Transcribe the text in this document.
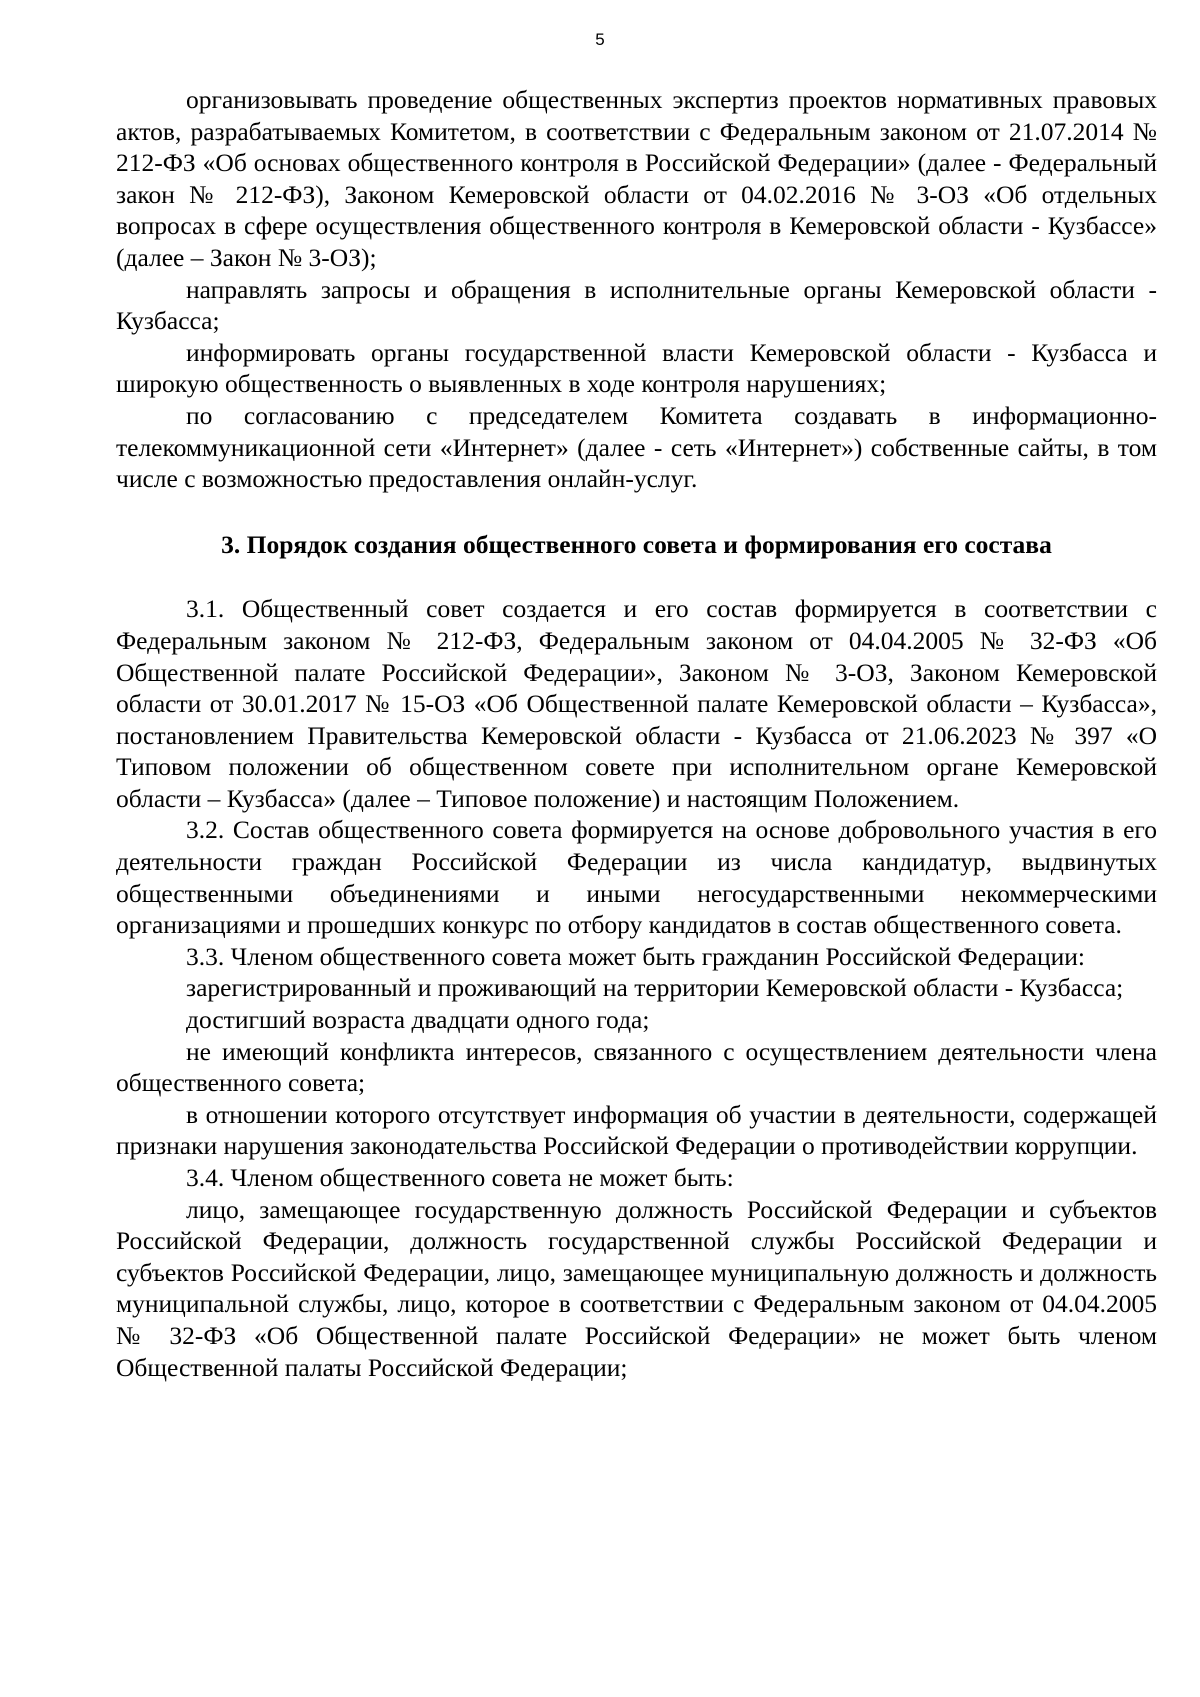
5

организовывать проведение общественных экспертиз проектов нормативных правовых актов, разрабатываемых Комитетом, в соответствии с Федеральным законом от 21.07.2014 № 212-ФЗ «Об основах общественного контроля в Российской Федерации» (далее - Федеральный закон № 212-ФЗ), Законом Кемеровской области от 04.02.2016 № 3-ОЗ «Об отдельных вопросах в сфере осуществления общественного контроля в Кемеровской области - Кузбассе» (далее – Закон № 3-ОЗ);

направлять запросы и обращения в исполнительные органы Кемеровской области - Кузбасса;

информировать органы государственной власти Кемеровской области - Кузбасса и широкую общественность о выявленных в ходе контроля нарушениях;

по согласованию с председателем Комитета создавать в информационно-телекоммуникационной сети «Интернет» (далее - сеть «Интернет») собственные сайты, в том числе с возможностью предоставления онлайн-услуг.

3. Порядок создания общественного совета и формирования его состава

3.1. Общественный совет создается и его состав формируется в соответствии с Федеральным законом № 212-ФЗ, Федеральным законом от 04.04.2005 № 32-ФЗ «Об Общественной палате Российской Федерации», Законом № 3-ОЗ, Законом Кемеровской области от 30.01.2017 № 15-ОЗ «Об Общественной палате Кемеровской области – Кузбасса», постановлением Правительства Кемеровской области - Кузбасса от 21.06.2023 № 397 «О Типовом положении об общественном совете при исполнительном органе Кемеровской области – Кузбасса» (далее – Типовое положение) и настоящим Положением.

3.2. Состав общественного совета формируется на основе добровольного участия в его деятельности граждан Российской Федерации из числа кандидатур, выдвинутых общественными объединениями и иными негосударственными некоммерческими организациями и прошедших конкурс по отбору кандидатов в состав общественного совета.

3.3. Членом общественного совета может быть гражданин Российской Федерации:

зарегистрированный и проживающий на территории Кемеровской области - Кузбасса;

достигший возраста двадцати одного года;

не имеющий конфликта интересов, связанного с осуществлением деятельности члена общественного совета;

в отношении которого отсутствует информация об участии в деятельности, содержащей признаки нарушения законодательства Российской Федерации о противодействии коррупции.

3.4. Членом общественного совета не может быть:

лицо, замещающее государственную должность Российской Федерации и субъектов Российской Федерации, должность государственной службы Российской Федерации и субъектов Российской Федерации, лицо, замещающее муниципальную должность и должность муниципальной службы, лицо, которое в соответствии с Федеральным законом от 04.04.2005 № 32-ФЗ «Об Общественной палате Российской Федерации» не может быть членом Общественной палаты Российской Федерации;
